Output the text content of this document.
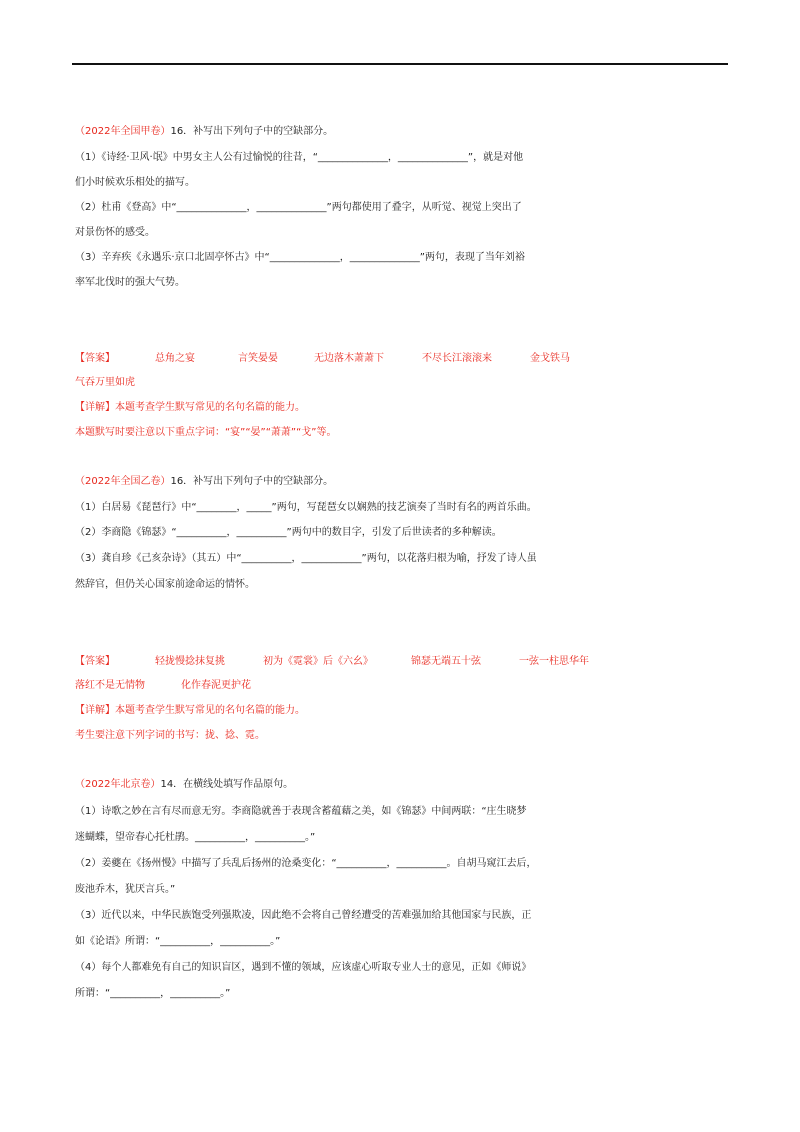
（2022年全国甲卷）16．补写出下列句子中的空缺部分。
（1）《诗经·卫风·氓》中男女主人公有过愉悦的往昔，“______________，______________”，就是对他
们小时候欢乐相处的描写。
（2）杜甫《登高》中“______________，______________”两句都使用了叠字，从听觉、视觉上突出了
对景伤怀的感受。
（3）辛弃疾《永遇乐·京口北固亭怀古》中“______________，______________”两句，表现了当年刘裕
率军北伐时的强大气势。
【答案】	总角之宴	言笑晏晏	无边落木萧萧下	不尽长江滚滚来	金戈铁马
气吞万里如虎
【详解】本题考查学生默写常见的名句名篇的能力。
本题默写时要注意以下重点字词：“宴”“晏”“萧萧”“戈”等。
（2022年全国乙卷）16．补写出下列句子中的空缺部分。
（1）白居易《琵琶行》中“________，_____”两句，写琵琶女以娴熟的技艺演奏了当时有名的两首乐曲。
（2）李商隐《锦瑟》“__________，__________”两句中的数目字，引发了后世读者的多种解读。
（3）龚自珍《己亥杂诗》（其五）中“__________，____________”两句，以花落归根为喻，抒发了诗人虽
然辞官，但仍关心国家前途命运的情怀。
【答案】	轻拢慢捻抹复挑	初为《霓裳》后《六幺》	锦瑟无端五十弦	一弦一柱思华年
落红不是无情物	化作春泥更护花
【详解】本题考查学生默写常见的名句名篇的能力。
考生要注意下列字词的书写：拢、捻、霓。
（2022年北京卷）14．在横线处填写作品原句。
（1）诗歌之妙在言有尽而意无穷。李商隐就善于表现含蓄蕴藉之美，如《锦瑟》中间两联：“庄生晓梦
迷蝴蝶，望帝春心托杜鹃。__________，__________。”
（2）姜夔在《扬州慢》中描写了兵乱后扬州的沧桑变化：“__________，__________。自胡马窥江去后，
废池乔木，犹厌言兵。”
（3）近代以来，中华民族饱受列强欺凌，因此绝不会将自己曾经遭受的苦难强加给其他国家与民族，正
如《论语》所谓：“__________，__________。”
（4）每个人都难免有自己的知识盲区，遇到不懂的领域，应该虚心听取专业人士的意见，正如《师说》
所谓：“__________，__________。”
